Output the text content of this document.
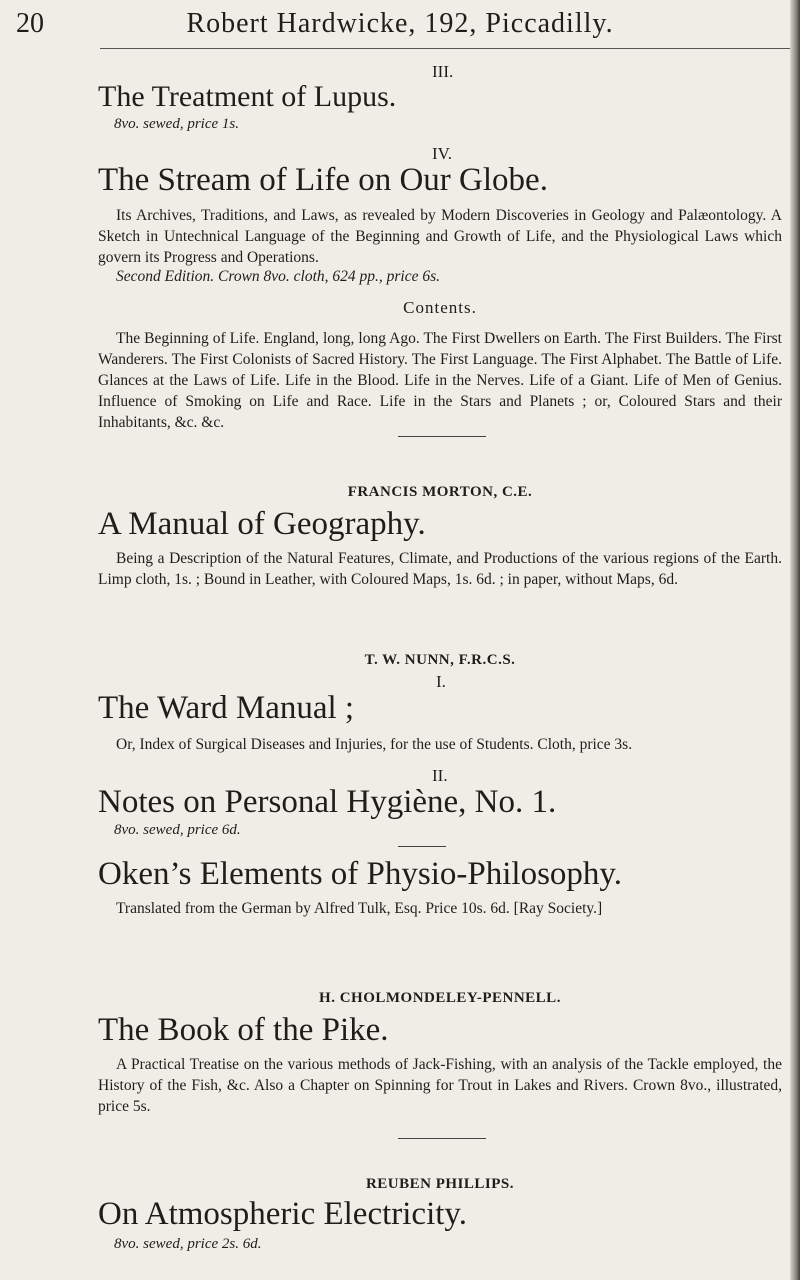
20	Robert Hardwicke, 192, Piccadilly.
III.
The Treatment of Lupus.
8vo. sewed, price 1s.
IV.
The Stream of Life on Our Globe.
Its Archives, Traditions, and Laws, as revealed by Modern Discoveries in Geology and Palæontology. A Sketch in Untechnical Language of the Beginning and Growth of Life, and the Physiological Laws which govern its Progress and Operations.
Second Edition. Crown 8vo. cloth, 624 pp., price 6s.
Contents.
The Beginning of Life. England, long, long Ago. The First Dwellers on Earth. The First Builders. The First Wanderers. The First Colonists of Sacred History. The First Language. The First Alphabet. The Battle of Life. Glances at the Laws of Life. Life in the Blood. Life in the Nerves. Life of a Giant. Life of Men of Genius. Influence of Smoking on Life and Race. Life in the Stars and Planets ; or, Coloured Stars and their Inhabitants, &c. &c.
FRANCIS MORTON, C.E.
A Manual of Geography.
Being a Description of the Natural Features, Climate, and Productions of the various regions of the Earth. Limp cloth, 1s. ; Bound in Leather, with Coloured Maps, 1s. 6d. ; in paper, without Maps, 6d.
T. W. NUNN, F.R.C.S.
I.
The Ward Manual ;
Or, Index of Surgical Diseases and Injuries, for the use of Students. Cloth, price 3s.
II.
Notes on Personal Hygiène, No. 1.
8vo. sewed, price 6d.
Oken’s Elements of Physio-Philosophy.
Translated from the German by Alfred Tulk, Esq. Price 10s. 6d. [Ray Society.]
H. CHOLMONDELEY-PENNELL.
The Book of the Pike.
A Practical Treatise on the various methods of Jack-Fishing, with an analysis of the Tackle employed, the History of the Fish, &c. Also a Chapter on Spinning for Trout in Lakes and Rivers. Crown 8vo., illustrated, price 5s.
REUBEN PHILLIPS.
On Atmospheric Electricity.
8vo. sewed, price 2s. 6d.
